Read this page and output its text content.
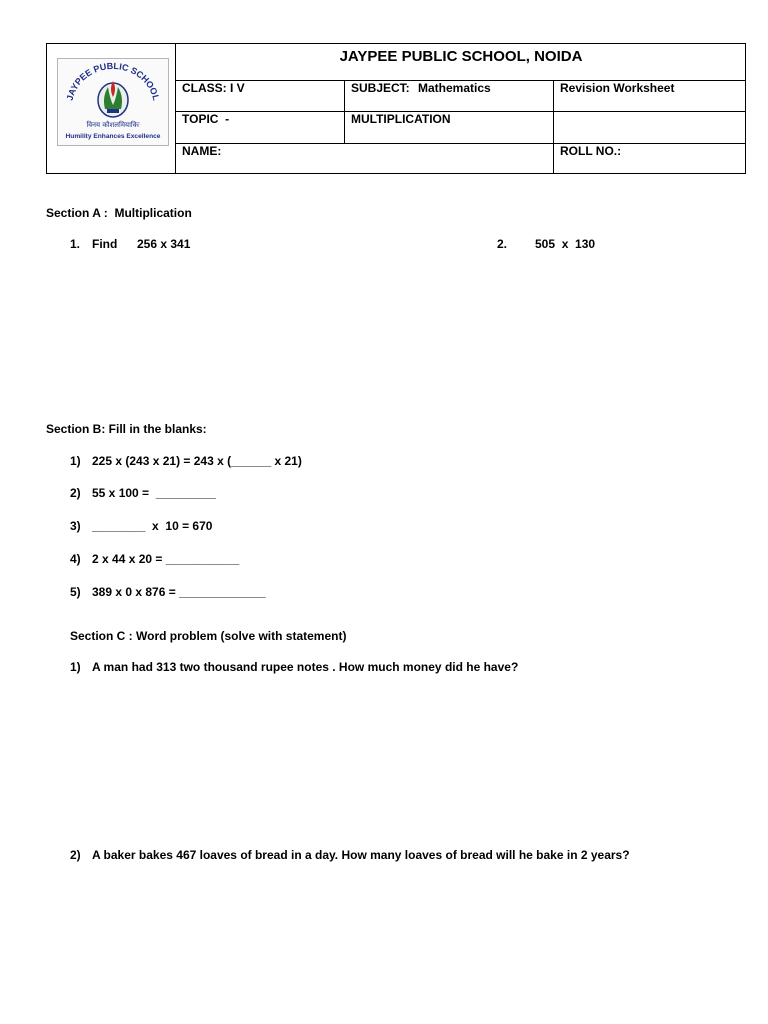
JAYPEE PUBLIC SCHOOL, NOIDA
CLASS: I V	SUBJECT: Mathematics	Revision Worksheet
TOPIC  -	MULTIPLICATION
NAME:	ROLL NO.:
JAYPEE PUBLIC SCHOOL
विनय कौशलमियाकिः
Humility Enhances Excellence
Section A :  Multiplication
1. Find 256 x 341	2. 505  x  130
Section B: Fill in the blanks:
1) 225 x (243 x 21) = 243 x (______ x 21)
2) 55 x 100 =  _________
3) ________  x  10 = 670
4) 2 x 44 x 20 = ___________
5) 389 x 0 x 876 = _____________
Section C : Word problem (solve with statement)
1) A man had 313 two thousand rupee notes . How much money did he have?
2) A baker bakes 467 loaves of bread in a day. How many loaves of bread will he bake in 2 years?
